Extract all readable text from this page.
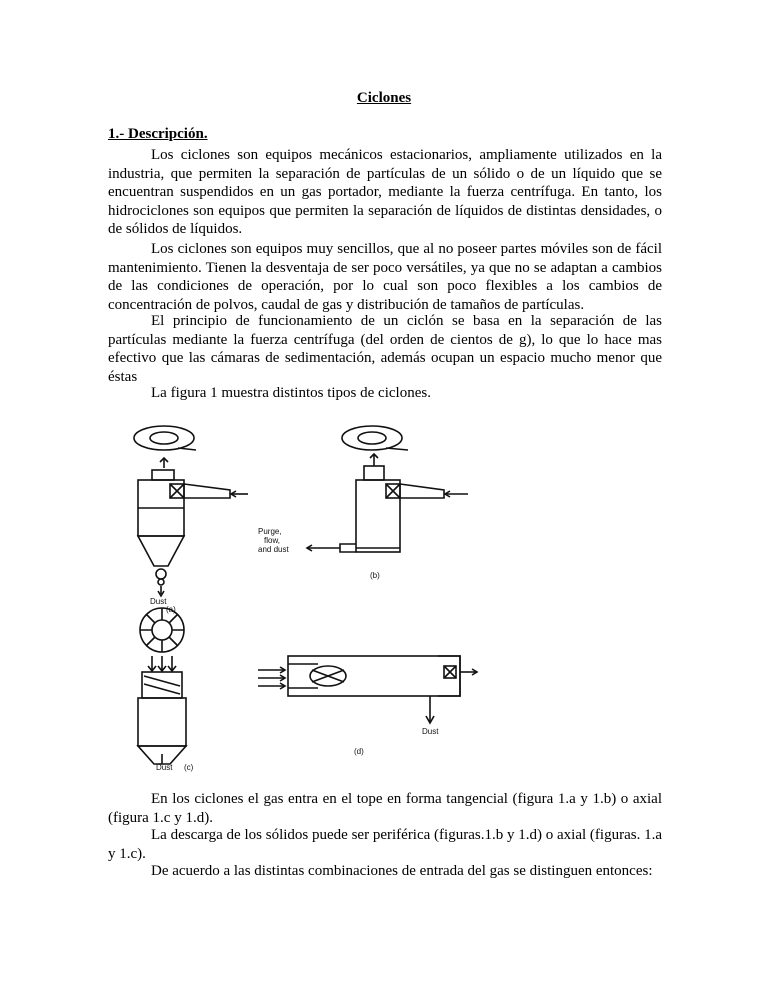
Ciclones
1.- Descripción.

Los ciclones son equipos mecánicos estacionarios, ampliamente utilizados en la industria, que permiten la separación de partículas de un sólido o de un líquido que se encuentran suspendidos en un gas portador, mediante la fuerza centrífuga. En tanto, los hidrociclones son equipos que permiten la separación de líquidos de distintas densidades, o de sólidos de líquidos.

Los ciclones son equipos muy sencillos, que al no poseer partes móviles son de fácil mantenimiento. Tienen la desventaja de ser poco versátiles, ya que no se adaptan a cambios de las condiciones de operación, por lo cual son poco flexibles a los cambios de concentración de polvos, caudal de gas y distribución de tamaños de partículas.

El principio de funcionamiento de un ciclón se basa en la separación de las partículas mediante la fuerza centrífuga (del orden de cientos de g), lo que lo hace mas efectivo que las cámaras de sedimentación, además ocupan un espacio mucho menor que éstas

La figura 1 muestra distintos tipos de ciclones.

Dust
(a)
Purge,
flow,
and dust
(b)
Dust (c)
Dust
(d)

En los ciclones el gas entra en el tope en forma tangencial (figura 1.a y 1.b) o axial (figura 1.c y 1.d).

La descarga de los sólidos puede ser periférica (figuras.1.b y 1.d) o axial (figuras. 1.a y 1.c).

De acuerdo a las distintas combinaciones de entrada del gas se distinguen entonces:
